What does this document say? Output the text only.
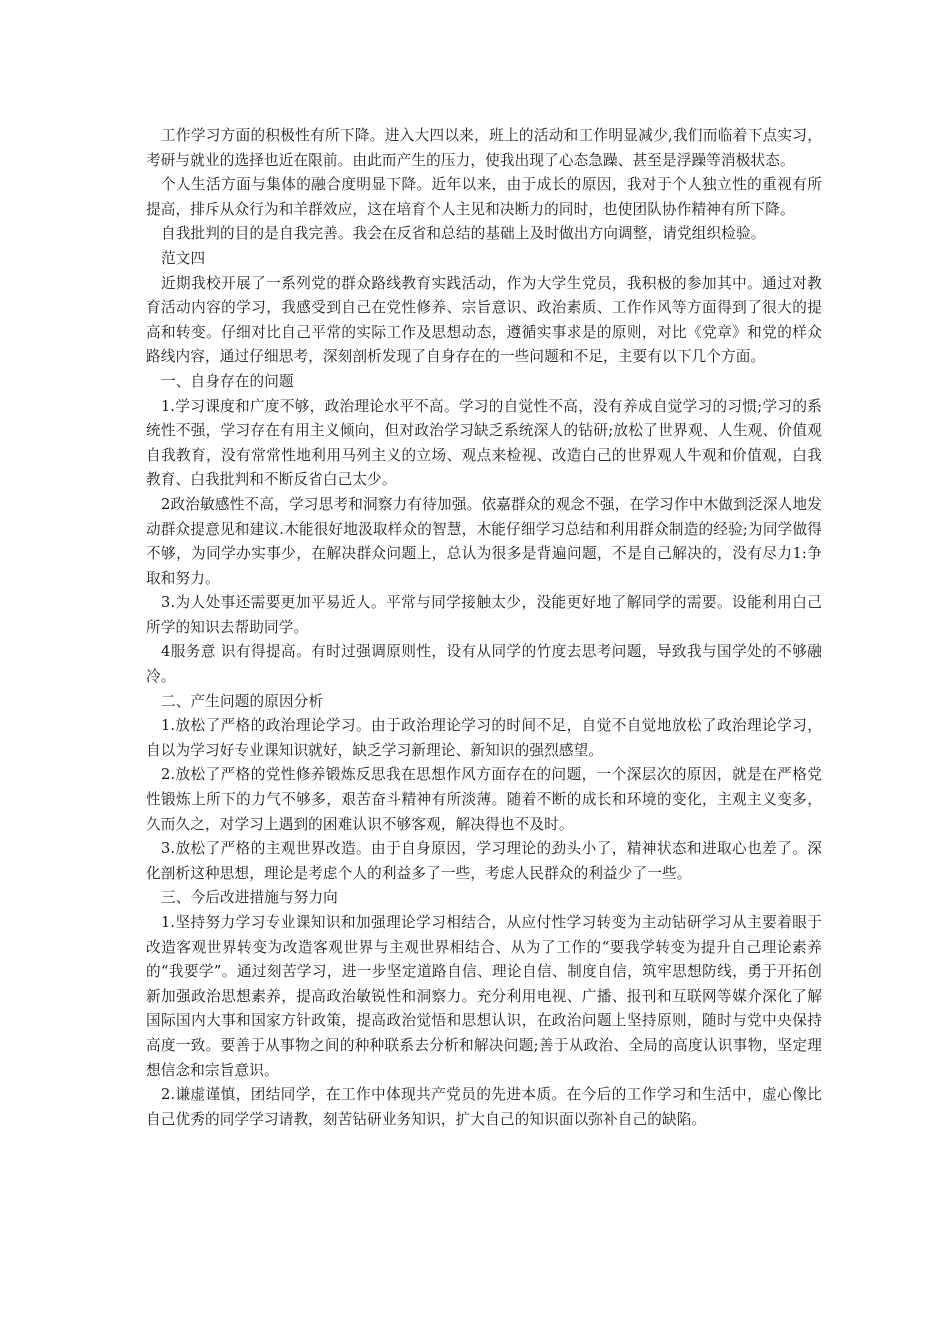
工作学习方面的积极性有所下降。进入大四以来，班上的活动和工作明显减少,我们而临着下点实习，考研与就业的选择也近在限前。由此而产生的压力，使我出现了心态急躁、甚至是浮躁等消极状态。

个人生活方面与集体的融合度明显下降。近年以来，由于成长的原因，我对于个人独立性的重视有所提高，排斥从众行为和羊群效应，这在培育个人主见和决断力的同时，也使团队协作精神有所下降。

自我批判的目的是自我完善。我会在反省和总结的基础上及时做出方向调整，请党组织检验。

范文四

近期我校开展了一系列党的群众路线教育实践活动，作为大学生党员，我积极的参加其中。通过对教育活动内容的学习，我感受到自己在党性修养、宗旨意识、政治素质、工作作风等方面得到了很大的提高和转变。仔细对比自己平常的实际工作及思想动态，遵循实事求是的原则，对比《党章》和党的样众路线内容，通过仔细思考，深刻剖析发现了自身存在的一些问题和不足，主要有以下几个方面。

一、自身存在的问题

1.学习课度和广度不够，政治理论水平不高。学习的自觉性不高，没有养成自觉学习的习惯;学习的系统性不强，学习存在有用主义倾向，但对政治学习缺乏系统深人的钻研;放松了世界观、人生观、价值观自我教育，没有常常性地利用马列主义的立场、观点来检视、改造白己的世界观人牛观和价值观，白我教育、白我批判和不断反省白己太少。

2政治敏感性不高，学习思考和洞察力有待加强。依嘉群众的观念不强，在学习作中木做到泛深人地发动群众提意见和建议.木能很好地汲取样众的智慧，木能仔细学习总结和利用群众制造的经验;为同学做得不够，为同学办实事少，在解决群众问题上，总认为很多是背遍问题，不是自己解决的，没有尽力1:争取和努力。

3.为人处事还需要更加平易近人。平常与同学接触太少，没能更好地了解同学的需要。设能利用白己所学的知识去帮助同学。

4服务意 识有得提高。有时过强调原则性，设有从同学的竹度去思考问题，导致我与国学处的不够融冷。

二、产生问题的原因分析

1.放松了严格的政治理论学习。由于政治理论学习的时间不足，自觉不自觉地放松了政治理论学习，自以为学习好专业课知识就好，缺乏学习新理论、新知识的强烈感望。

2.放松了严格的党性修养锻炼反思我在思想作风方面存在的问题，一个深层次的原因，就是在严格党性锻炼上所下的力气不够多，艰苦奋斗精神有所淡薄。随着不断的成长和环境的变化，主观主义变多，久而久之，对学习上遇到的困难认识不够客观，解决得也不及时。

3.放松了严格的主观世界改造。由于自身原因，学习理论的劲头小了，精神状态和进取心也差了。深化剖析这种思想，理论是考虑个人的利益多了一些，考虑人民群众的利益少了一些。

三、今后改进措施与努力向

1.坚持努力学习专业课知识和加强理论学习相结合，从应付性学习转变为主动钻研学习从主要着眼于改造客观世界转变为改造客观世界与主观世界相结合、从为了工作的“要我学转变为提升自己理论素养的“我要学”。通过刻苦学习，进一步坚定道路自信、理论自信、制度自信，筑牢思想防线，勇于开拓创新加强政治思想素养，提高政治敏锐性和洞察力。充分利用电视、广播、报刊和互联网等媒介深化了解国际国内大事和国家方针政策，提高政治觉悟和思想认识，在政治问题上坚持原则，随时与党中央保持高度一致。要善于从事物之间的种种联系去分析和解决问题;善于从政治、全局的高度认识事物，坚定理想信念和宗旨意识。

2.谦虚谨慎，团结同学，在工作中体现共产党员的先进本质。在今后的工作学习和生活中，虚心像比自己优秀的同学学习请教，刻苦钻研业务知识，扩大自己的知识面以弥补自己的缺陷。
